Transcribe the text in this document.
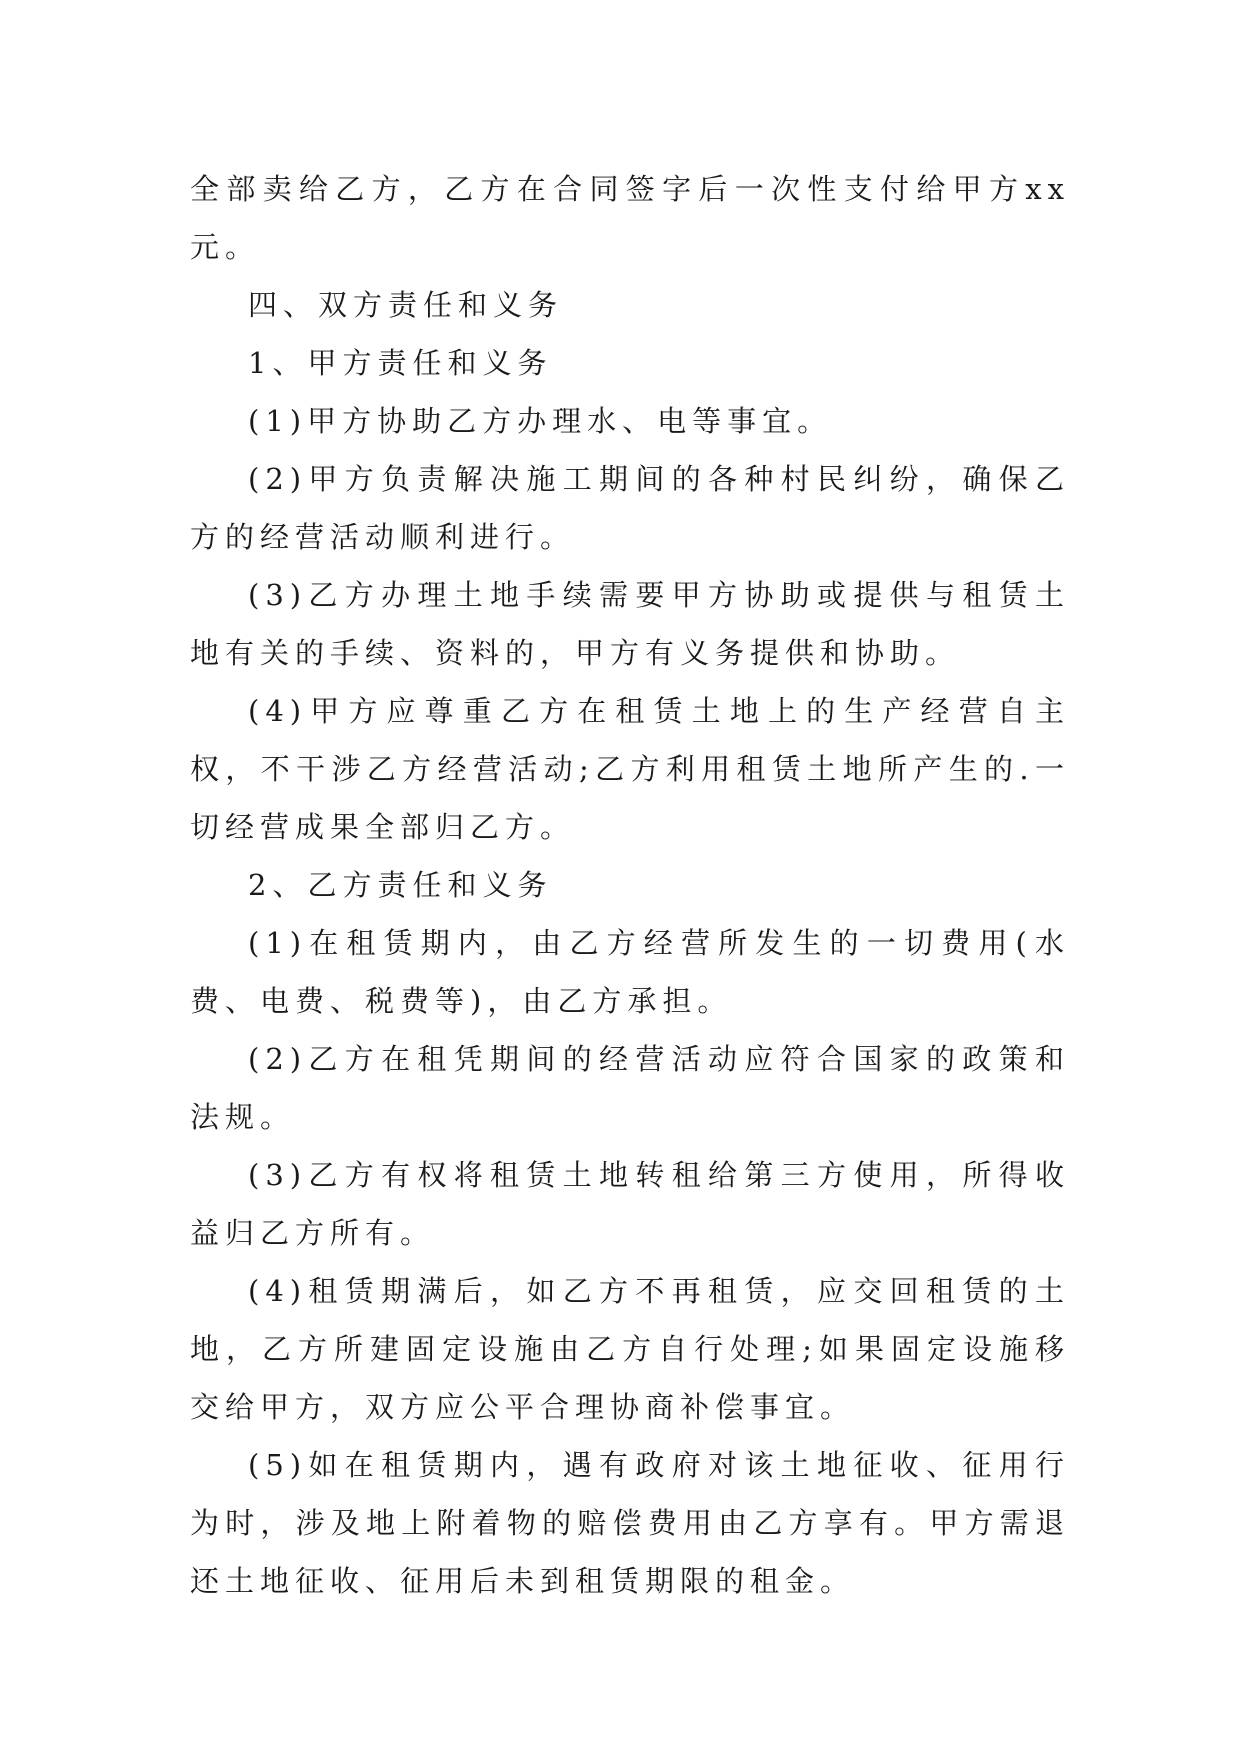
全部卖给乙方，乙方在合同签字后一次性支付给甲方xx元。

四、双方责任和义务

1、甲方责任和义务

(1)甲方协助乙方办理水、电等事宜。

(2)甲方负责解决施工期间的各种村民纠纷，确保乙方的经营活动顺利进行。

(3)乙方办理土地手续需要甲方协助或提供与租赁土地有关的手续、资料的，甲方有义务提供和协助。

(4)甲方应尊重乙方在租赁土地上的生产经营自主权，不干涉乙方经营活动;乙方利用租赁土地所产生的.一切经营成果全部归乙方。

2、乙方责任和义务

(1)在租赁期内，由乙方经营所发生的一切费用(水费、电费、税费等)，由乙方承担。

(2)乙方在租凭期间的经营活动应符合国家的政策和法规。

(3)乙方有权将租赁土地转租给第三方使用，所得收益归乙方所有。

(4)租赁期满后，如乙方不再租赁，应交回租赁的土地，乙方所建固定设施由乙方自行处理;如果固定设施移交给甲方，双方应公平合理协商补偿事宜。

(5)如在租赁期内，遇有政府对该土地征收、征用行为时，涉及地上附着物的赔偿费用由乙方享有。甲方需退还土地征收、征用后未到租赁期限的租金。
